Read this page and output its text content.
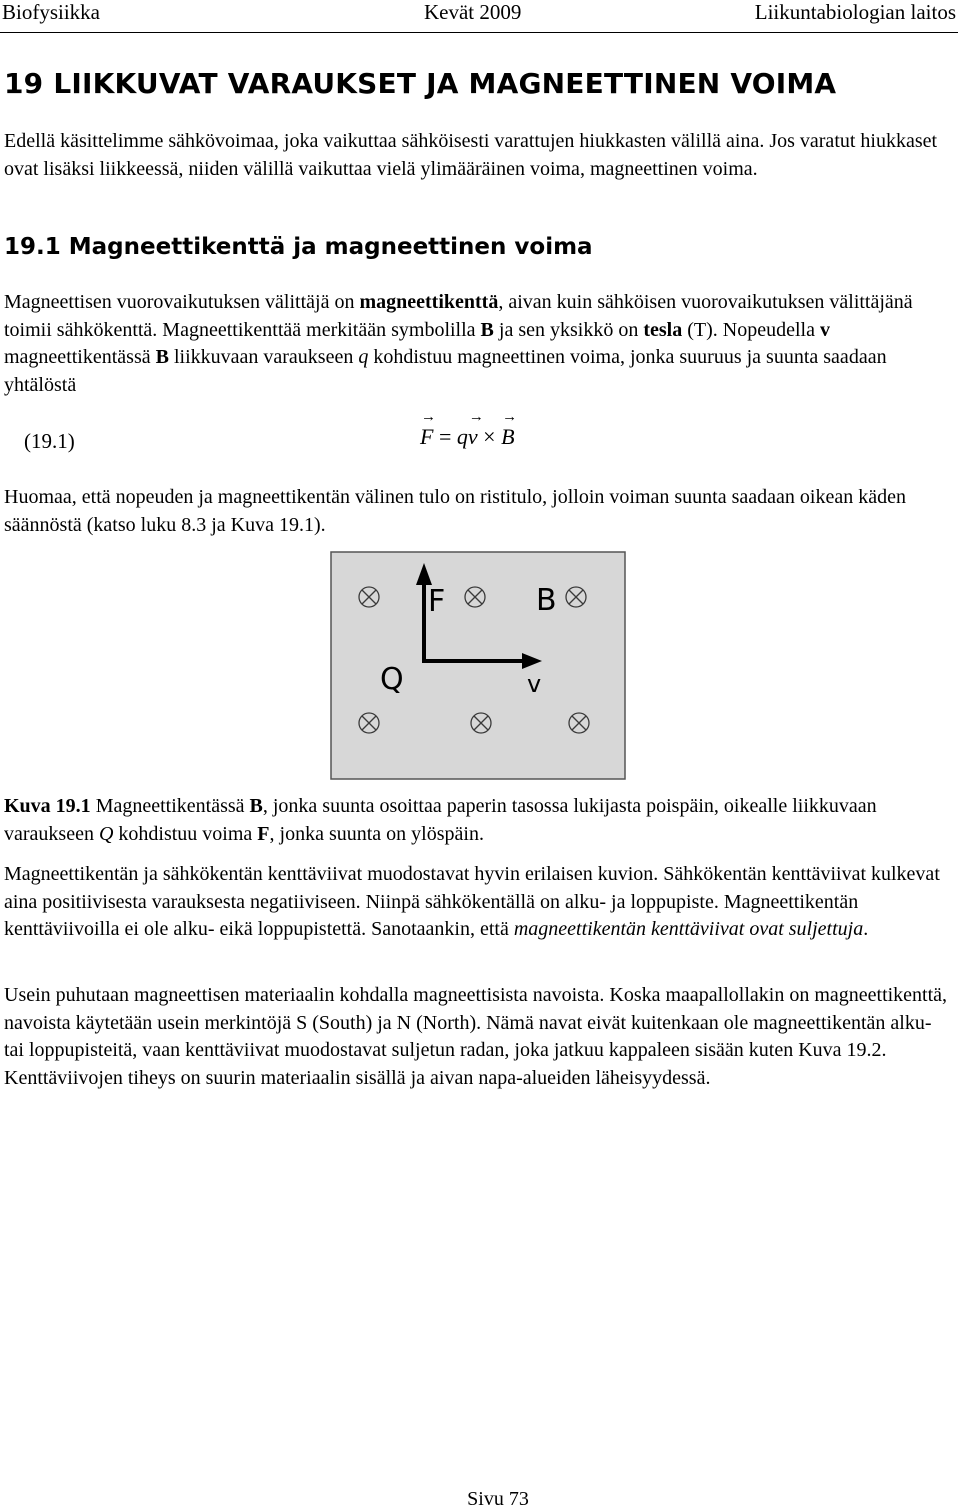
Biofysiikka	Kevät 2009	Liikuntabiologian laitos
19 LIIKKUVAT VARAUKSET JA MAGNEETTINEN VOIMA

Edellä käsittelimme sähkövoimaa, joka vaikuttaa sähköisesti varattujen hiukkasten välillä aina. Jos varatut hiukkaset ovat lisäksi liikkeessä, niiden välillä vaikuttaa vielä ylimääräinen voima, magneettinen voima.

19.1 Magneettikenttä ja magneettinen voima

Magneettisen vuorovaikutuksen välittäjä on magneettikenttä, aivan kuin sähköisen vuorovaikutuksen välittäjänä toimii sähkökenttä. Magneettikenttää merkitään symbolilla B ja sen yksikkö on tesla (T). Nopeudella v magneettikentässä B liikkuvaan varaukseen q kohdistuu magneettinen voima, jonka suuruus ja suunta saadaan yhtälöstä

(19.1)
→	F = q→ v × → B

Huomaa, että nopeuden ja magneettikentän välinen tulo on ristitulo, jolloin voiman suunta saadaan oikean käden säännöstä (katso luku 8.3 ja Kuva 19.1).

F	B
Q	v

Kuva 19.1 Magneettikentässä B, jonka suunta osoittaa paperin tasossa lukijasta poispäin, oikealle liikkuvaan varaukseen Q kohdistuu voima F, jonka suunta on ylöspäin.

Magneettikentän ja sähkökentän kenttäviivat muodostavat hyvin erilaisen kuvion. Sähkökentän kenttäviivat kulkevat aina positiivisesta varauksesta negatiiviseen. Niinpä sähkökentällä on alku- ja loppupiste. Magneettikentän kenttäviivoilla ei ole alku- eikä loppupistettä. Sanotaankin, että magneettikentän kenttäviivat ovat suljettuja.

Usein puhutaan magneettisen materiaalin kohdalla magneettisista navoista. Koska maapallollakin on magneettikenttä, navoista käytetään usein merkintöjä S (South) ja N (North). Nämä navat eivät kuitenkaan ole magneettikentän alku- tai loppupisteitä, vaan kenttäviivat muodostavat suljetun radan, joka jatkuu kappaleen sisään kuten Kuva 19.2. Kenttäviivojen tiheys on suurin materiaalin sisällä ja aivan napa-alueiden läheisyydessä.

Sivu 73
